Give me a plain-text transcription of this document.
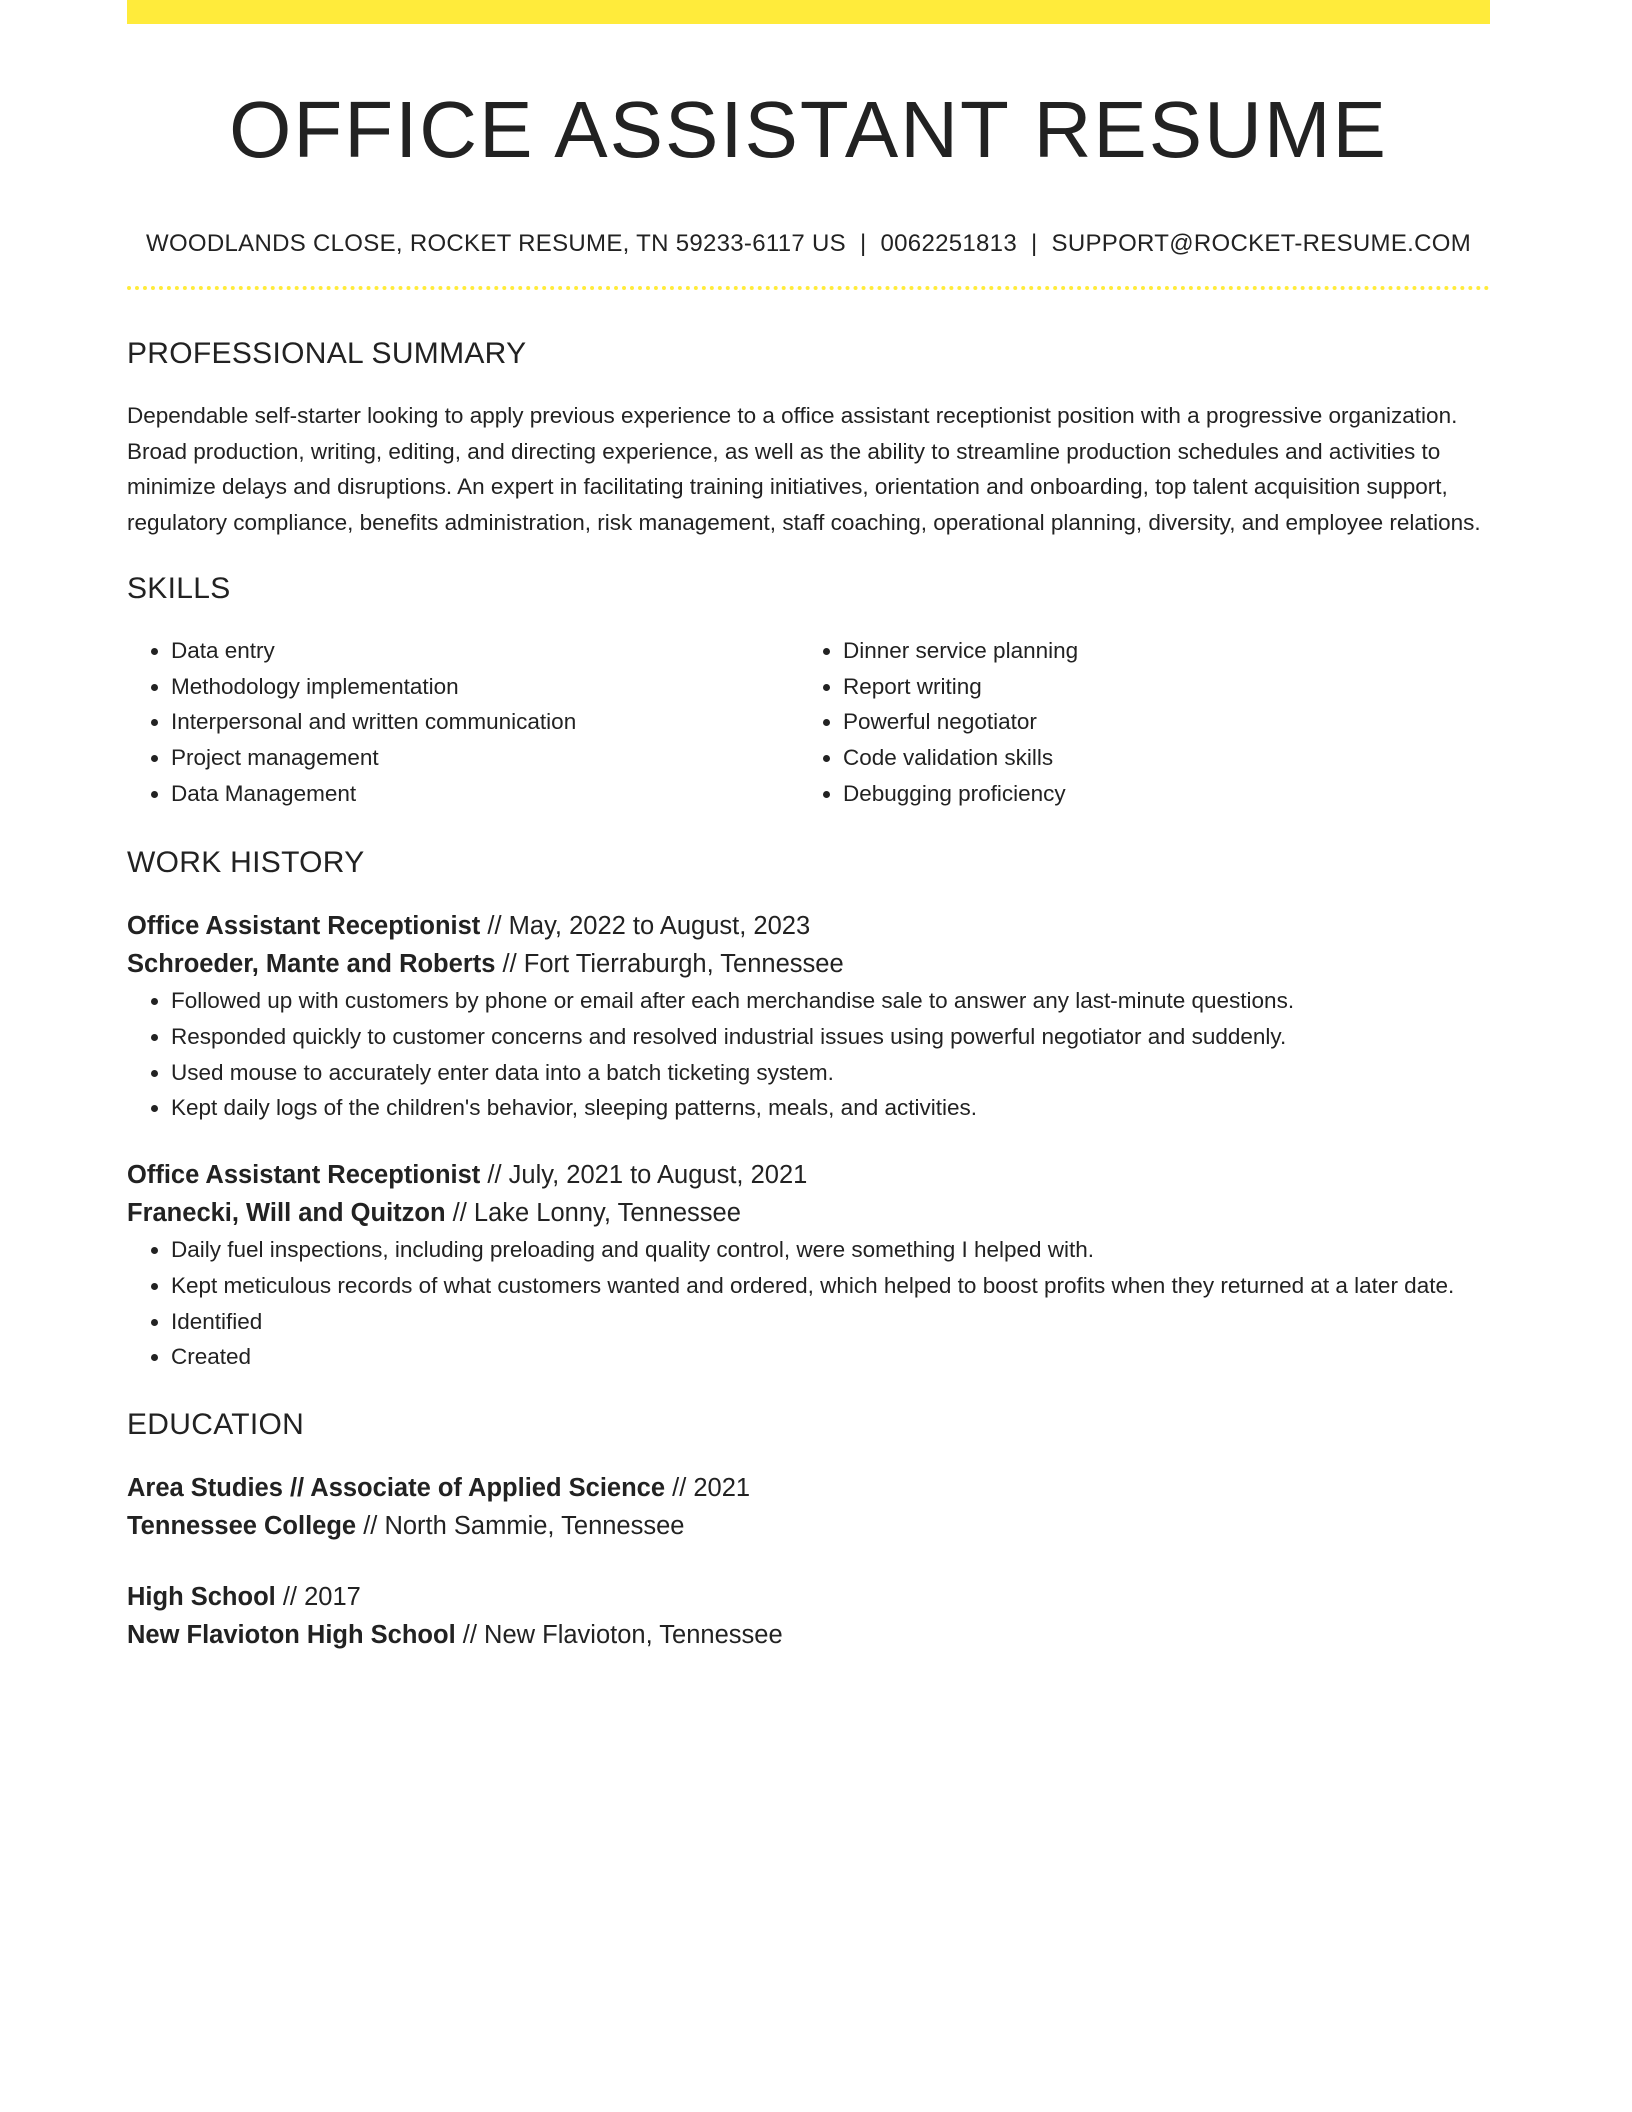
OFFICE ASSISTANT RESUME
WOODLANDS CLOSE, ROCKET RESUME, TN 59233-6117 US | 0062251813 | SUPPORT@ROCKET-RESUME.COM
PROFESSIONAL SUMMARY
Dependable self-starter looking to apply previous experience to a office assistant receptionist position with a progressive organization. Broad production, writing, editing, and directing experience, as well as the ability to streamline production schedules and activities to minimize delays and disruptions. An expert in facilitating training initiatives, orientation and onboarding, top talent acquisition support, regulatory compliance, benefits administration, risk management, staff coaching, operational planning, diversity, and employee relations.
SKILLS
• Data entry
• Methodology implementation
• Interpersonal and written communication
• Project management
• Data Management
• Dinner service planning
• Report writing
• Powerful negotiator
• Code validation skills
• Debugging proficiency
WORK HISTORY
Office Assistant Receptionist // May, 2022 to August, 2023
Schroeder, Mante and Roberts // Fort Tierraburgh, Tennessee
• Followed up with customers by phone or email after each merchandise sale to answer any last-minute questions.
• Responded quickly to customer concerns and resolved industrial issues using powerful negotiator and suddenly.
• Used mouse to accurately enter data into a batch ticketing system.
• Kept daily logs of the children's behavior, sleeping patterns, meals, and activities.
Office Assistant Receptionist // July, 2021 to August, 2021
Franecki, Will and Quitzon // Lake Lonny, Tennessee
• Daily fuel inspections, including preloading and quality control, were something I helped with.
• Kept meticulous records of what customers wanted and ordered, which helped to boost profits when they returned at a later date.
• Identified
• Created
EDUCATION
Area Studies // Associate of Applied Science // 2021
Tennessee College // North Sammie, Tennessee
High School // 2017
New Flavioton High School // New Flavioton, Tennessee
